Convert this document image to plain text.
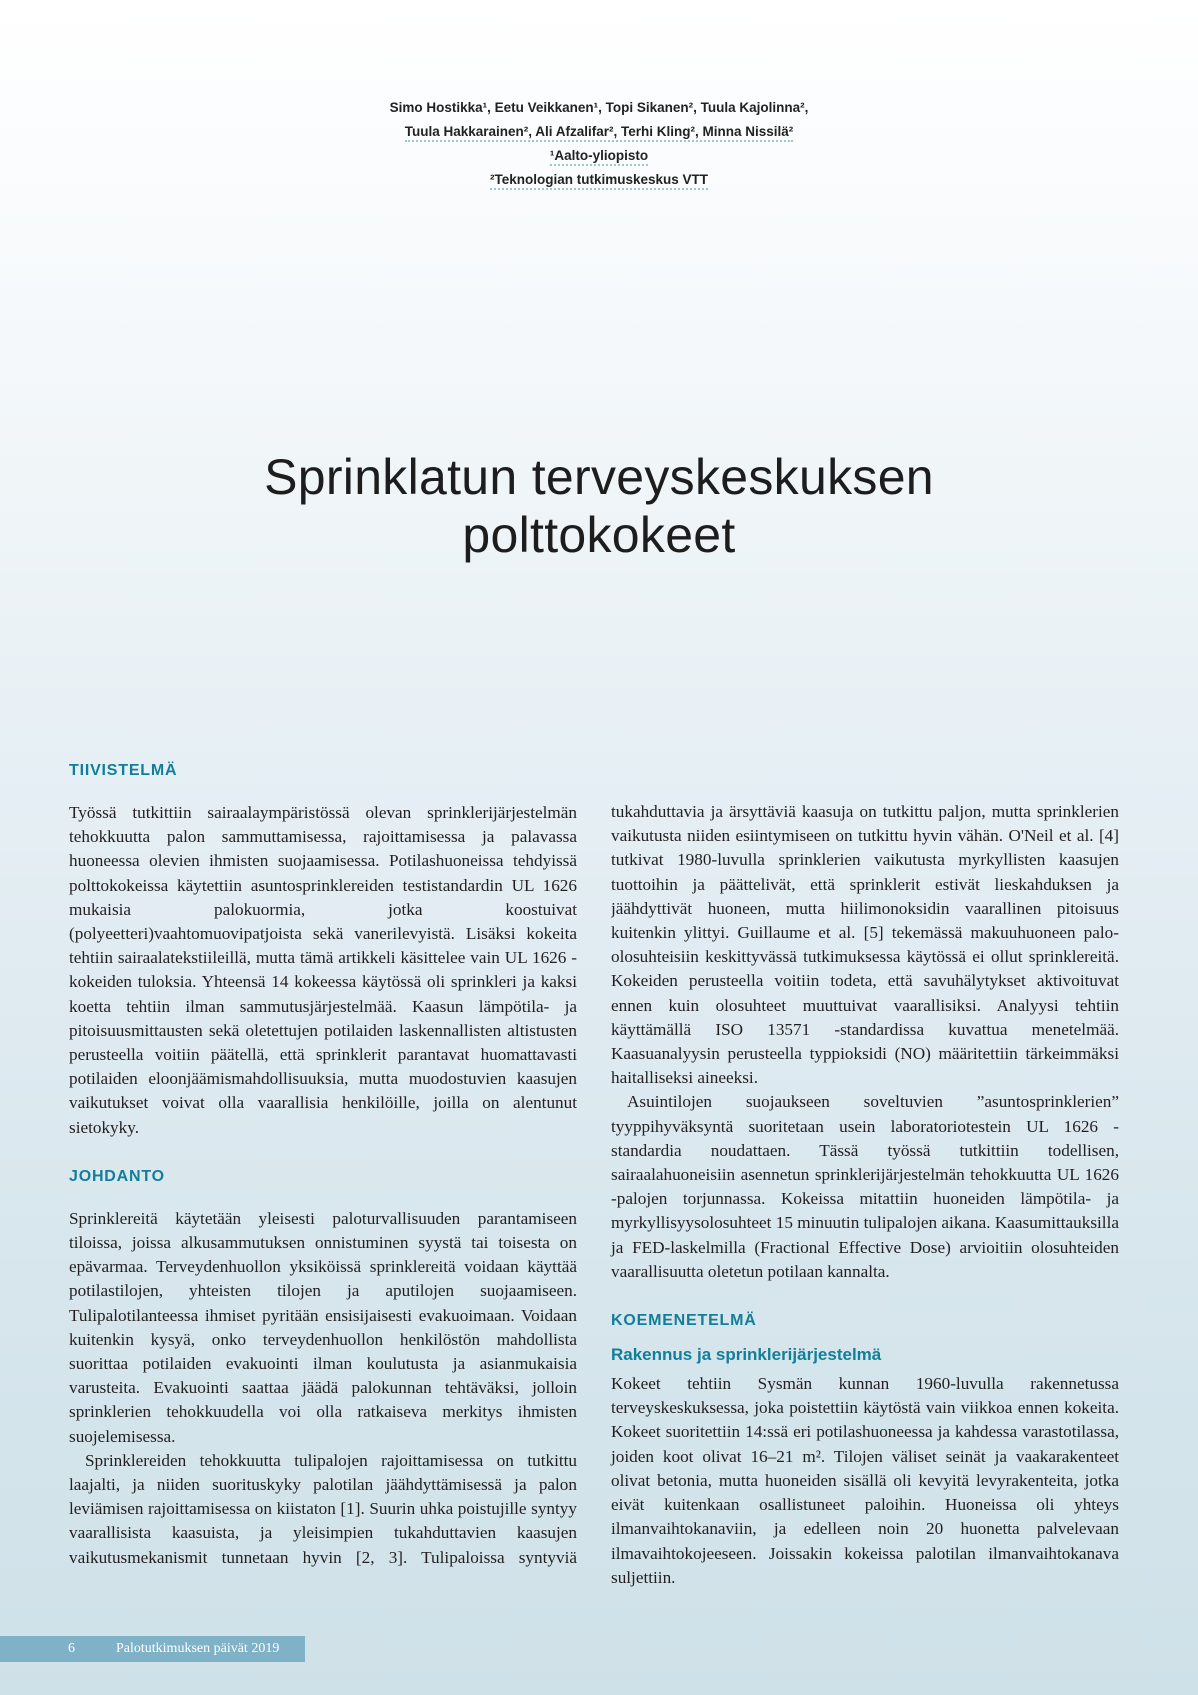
Simo Hostikka¹, Eetu Veikkanen¹, Topi Sikanen², Tuula Kajolinna²,
Tuula Hakkarainen², Ali Afzalifar², Terhi Kling², Minna Nissilä²
¹Aalto-yliopisto
²Teknologian tutkimuskeskus VTT
Sprinklatun terveyskeskuksen
polttokokeet
TIIVISTELMÄ

Työssä tutkittiin sairaalaympäristössä olevan sprinklerijärjestelmän tehokkuutta palon sammuttamisessa, rajoittamisessa ja palavassa huoneessa olevien ihmisten suojaamisessa. Potilashuoneissa tehdyissä polttokokeissa käytettiin asuntosprinklereiden testistandardin UL 1626 mukaisia palokuormia, jotka koostuivat (polyeetteri)vaahtomuovipatjoista sekä vanerilevyistä. Lisäksi kokeita tehtiin sairaalatekstiileillä, mutta tämä artikkeli käsittelee vain UL 1626 -kokeiden tuloksia. Yhteensä 14 kokeessa käytössä oli sprinkleri ja kaksi koetta tehtiin ilman sammutusjärjestelmää. Kaasun lämpötila- ja pitoisuusmittausten sekä oletettujen potilaiden laskennallisten altistusten perusteella voitiin päätellä, että sprinklerit parantavat huomattavasti potilaiden eloonjäämismahdollisuuksia, mutta muodostuvien kaasujen vaikutukset voivat olla vaarallisia henkilöille, joilla on alentunut sietokyky.

JOHDANTO

Sprinklereitä käytetään yleisesti paloturvallisuuden parantamiseen tiloissa, joissa alkusammutuksen onnistuminen syystä tai toisesta on epävarmaa. Terveydenhuollon yksiköissä sprinklereitä voidaan käyttää potilastilojen, yhteisten tilojen ja aputilojen suojaamiseen. Tulipalotilanteessa ihmiset pyritään ensisijaisesti evakuoimaan. Voidaan kuitenkin kysyä, onko terveydenhuollon henkilöstön mahdollista suorittaa potilaiden evakuointi ilman koulutusta ja asianmukaisia varusteita. Evakuointi saattaa jäädä palokunnan tehtäväksi, jolloin sprinklerien tehokkuudella voi olla ratkaiseva merkitys ihmisten suojelemisessa.

Sprinklereiden tehokkuutta tulipalojen rajoittamisessa on tutkittu laajalti, ja niiden suorituskyky palotilan jäähdyttämisessä ja palon leviämisen rajoittamisessa on kiistaton [1]. Suurin uhka poistujille syntyy vaarallisista kaasuista, ja yleisimpien tukahduttavien kaasujen vaikutusmekanismit tunnetaan hyvin [2, 3]. Tulipaloissa syntyviä

tukahduttavia ja ärsyttäviä kaasuja on tutkittu paljon, mutta sprinklerien vaikutusta niiden esiintymiseen on tutkittu hyvin vähän. O'Neil et al. [4] tutkivat 1980-luvulla sprinklerien vaikutusta myrkyllisten kaasujen tuottoihin ja päättelivät, että sprinklerit estivät lieskahduksen ja jäähdyttivät huoneen, mutta hiilimonoksidin vaarallinen pitoisuus kuitenkin ylittyi. Guillaume et al. [5] tekemässä makuuhuoneen palo-olosuhteisiin keskittyvässä tutkimuksessa käytössä ei ollut sprinklereitä. Kokeiden perusteella voitiin todeta, että savuhälytykset aktivoituvat ennen kuin olosuhteet muuttuivat vaarallisiksi. Analyysi tehtiin käyttämällä ISO 13571 -standardissa kuvattua menetelmää. Kaasuanalyysin perusteella typpioksidi (NO) määritettiin tärkeimmäksi haitalliseksi aineeksi.

Asuintilojen suojaukseen soveltuvien ”asuntosprinklerien” tyyppihyväksyntä suoritetaan usein laboratoriotestein UL 1626 -standardia noudattaen. Tässä työssä tutkittiin todellisen, sairaalahuoneisiin asennetun sprinklerijärjestelmän tehokkuutta UL 1626 -palojen torjunnassa. Kokeissa mitattiin huoneiden lämpötila- ja myrkyllisyysolosuhteet 15 minuutin tulipalojen aikana. Kaasumittauksilla ja FED-laskelmilla (Fractional Effective Dose) arvioitiin olosuhteiden vaarallisuutta oletetun potilaan kannalta.

KOEMENETELMÄ
Rakennus ja sprinklerijärjestelmä

Kokeet tehtiin Sysmän kunnan 1960-luvulla rakennetussa terveyskeskuksessa, joka poistettiin käytöstä vain viikkoa ennen kokeita. Kokeet suoritettiin 14:ssä eri potilashuoneessa ja kahdessa varastotilassa, joiden koot olivat 16–21 m². Tilojen väliset seinät ja vaakarakenteet olivat betonia, mutta huoneiden sisällä oli kevyitä levyrakenteita, jotka eivät kuitenkaan osallistuneet paloihin. Huoneissa oli yhteys ilmanvaihtokanaviin, ja edelleen noin 20 huonetta palvelevaan ilmavaihtokojeeseen. Joissakin kokeissa palotilan ilmanvaihtokanava suljettiin.

6	Palotutkimuksen päivät 2019
